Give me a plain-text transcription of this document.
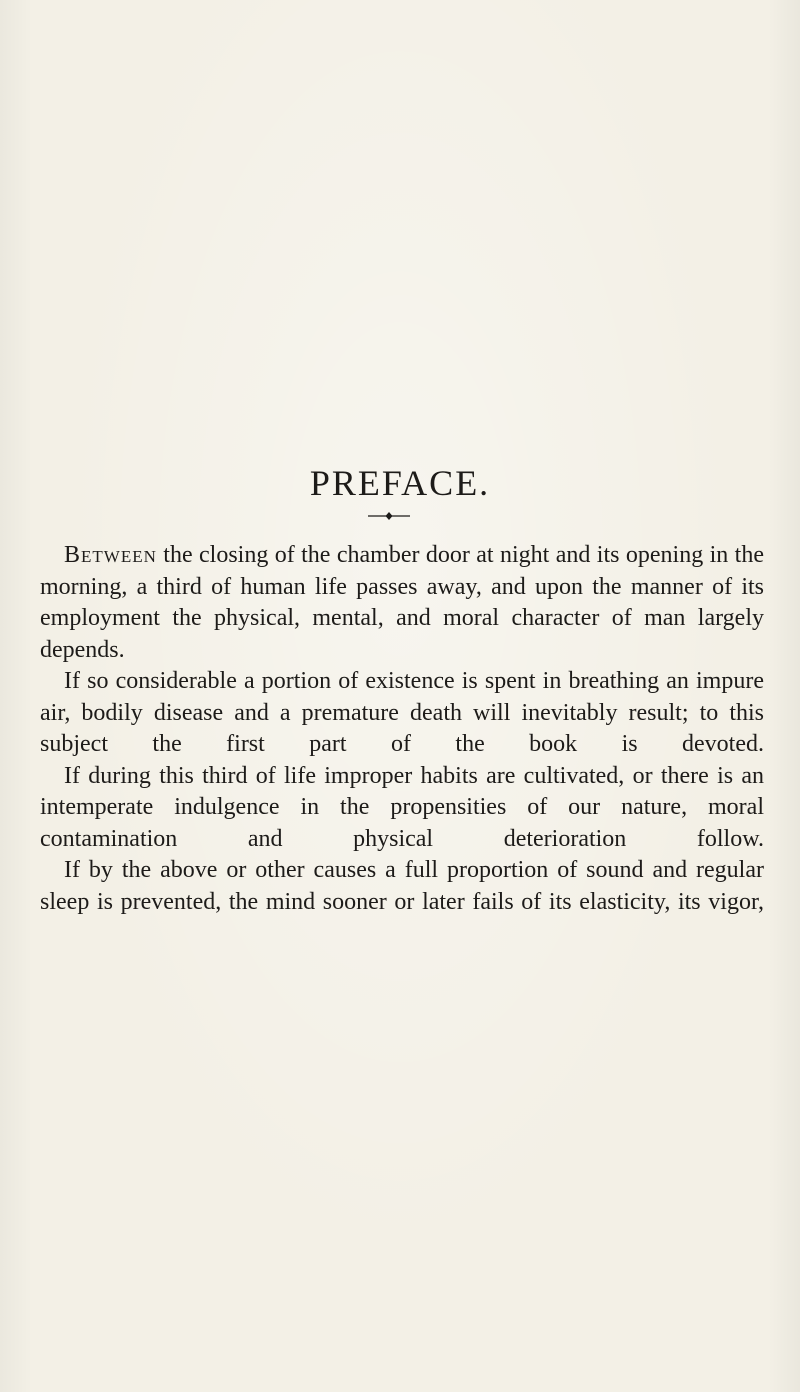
PREFACE.

Between the closing of the chamber door at night and its opening in the morning, a third of human life passes away, and upon the manner of its employment the physical, mental, and moral character of man largely depends.

If so considerable a portion of existence is spent in breathing an impure air, bodily disease and a premature death will inevitably result; to this subject the first part of the book is devoted.

If during this third of life improper habits are cultivated, or there is an intemperate indulgence in the propensities of our nature, moral contamination and physical deterioration follow.

If by the above or other causes a full proportion of sound and regular sleep is prevented, the mind sooner or later fails of its elasticity, its vigor,
